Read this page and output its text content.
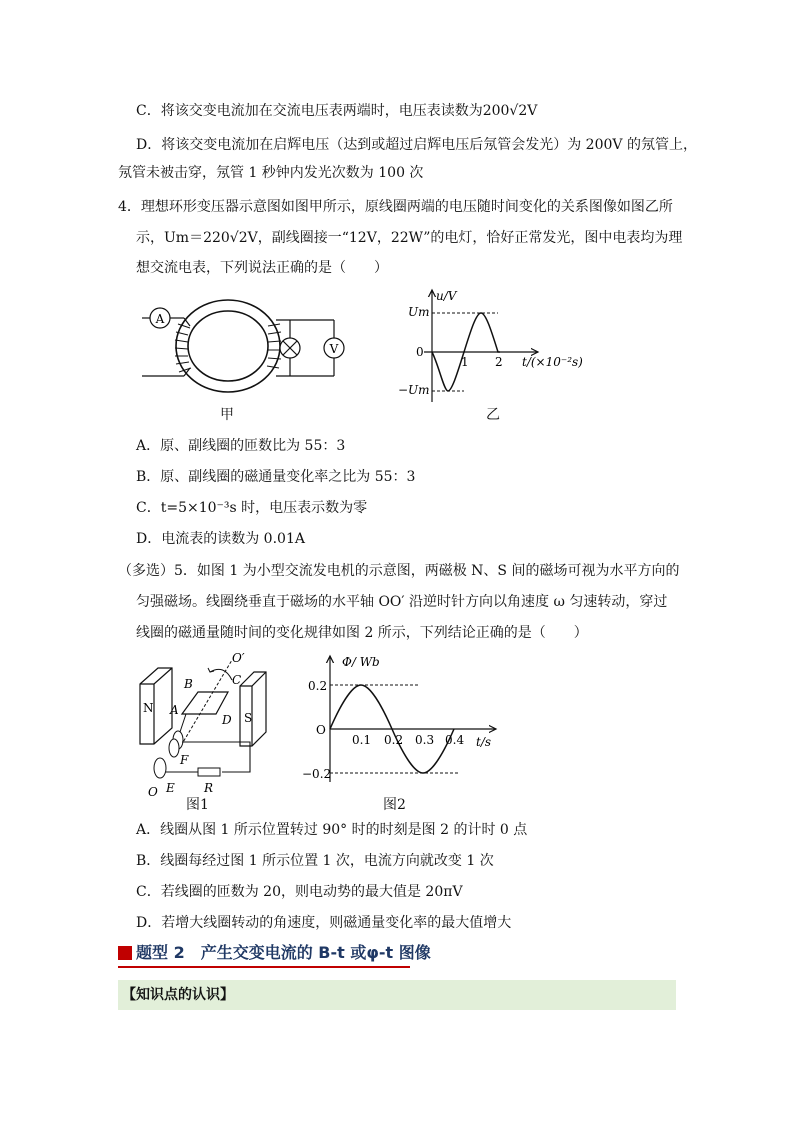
C．将该交变电流加在交流电压表两端时，电压表读数为200√2V
D．将该交变电流加在启辉电压（达到或超过启辉电压后氖管会发光）为 200V 的氖管上，
氖管未被击穿，氖管 1 秒钟内发光次数为 100 次
4．理想环形变压器示意图如图甲所示，原线圈两端的电压随时间变化的关系图像如图乙所
示，Um＝220√2V，副线圈接一“12V，22W”的电灯，恰好正常发光，图中电表均为理
想交流电表，下列说法正确的是（　　）
A
V
甲
u/V
Um
0
−Um
1 2 t/(×10⁻²s)
乙
A．原、副线圈的匝数比为 55：3
B．原、副线圈的磁通量变化率之比为 55：3
C．t=5×10⁻³s 时，电压表示数为零
D．电流表的读数为 0.01A
（多选）5．如图 1 为小型交流发电机的示意图，两磁极 N、S 间的磁场可视为水平方向的
匀强磁场。线圈绕垂直于磁场的水平轴 OO′ 沿逆时针方向以角速度 ω 匀速转动，穿过
线圈的磁通量随时间的变化规律如图 2 所示，下列结论正确的是（　　）
N
S
A
B	C
D
O′
F
E R
O
图1
Φ/ Wb
0.2
O
−0.2
0.1 0.2 0.3 0.4 t/s
图2
A．线圈从图 1 所示位置转过 90° 时的时刻是图 2 的计时 0 点
B．线圈每经过图 1 所示位置 1 次，电流方向就改变 1 次
C．若线圈的匝数为 20，则电动势的最大值是 20πV
D．若增大线圈转动的角速度，则磁通量变化率的最大值增大
题型 2　产生交变电流的 B-t 或φ-t 图像
【知识点的认识】
